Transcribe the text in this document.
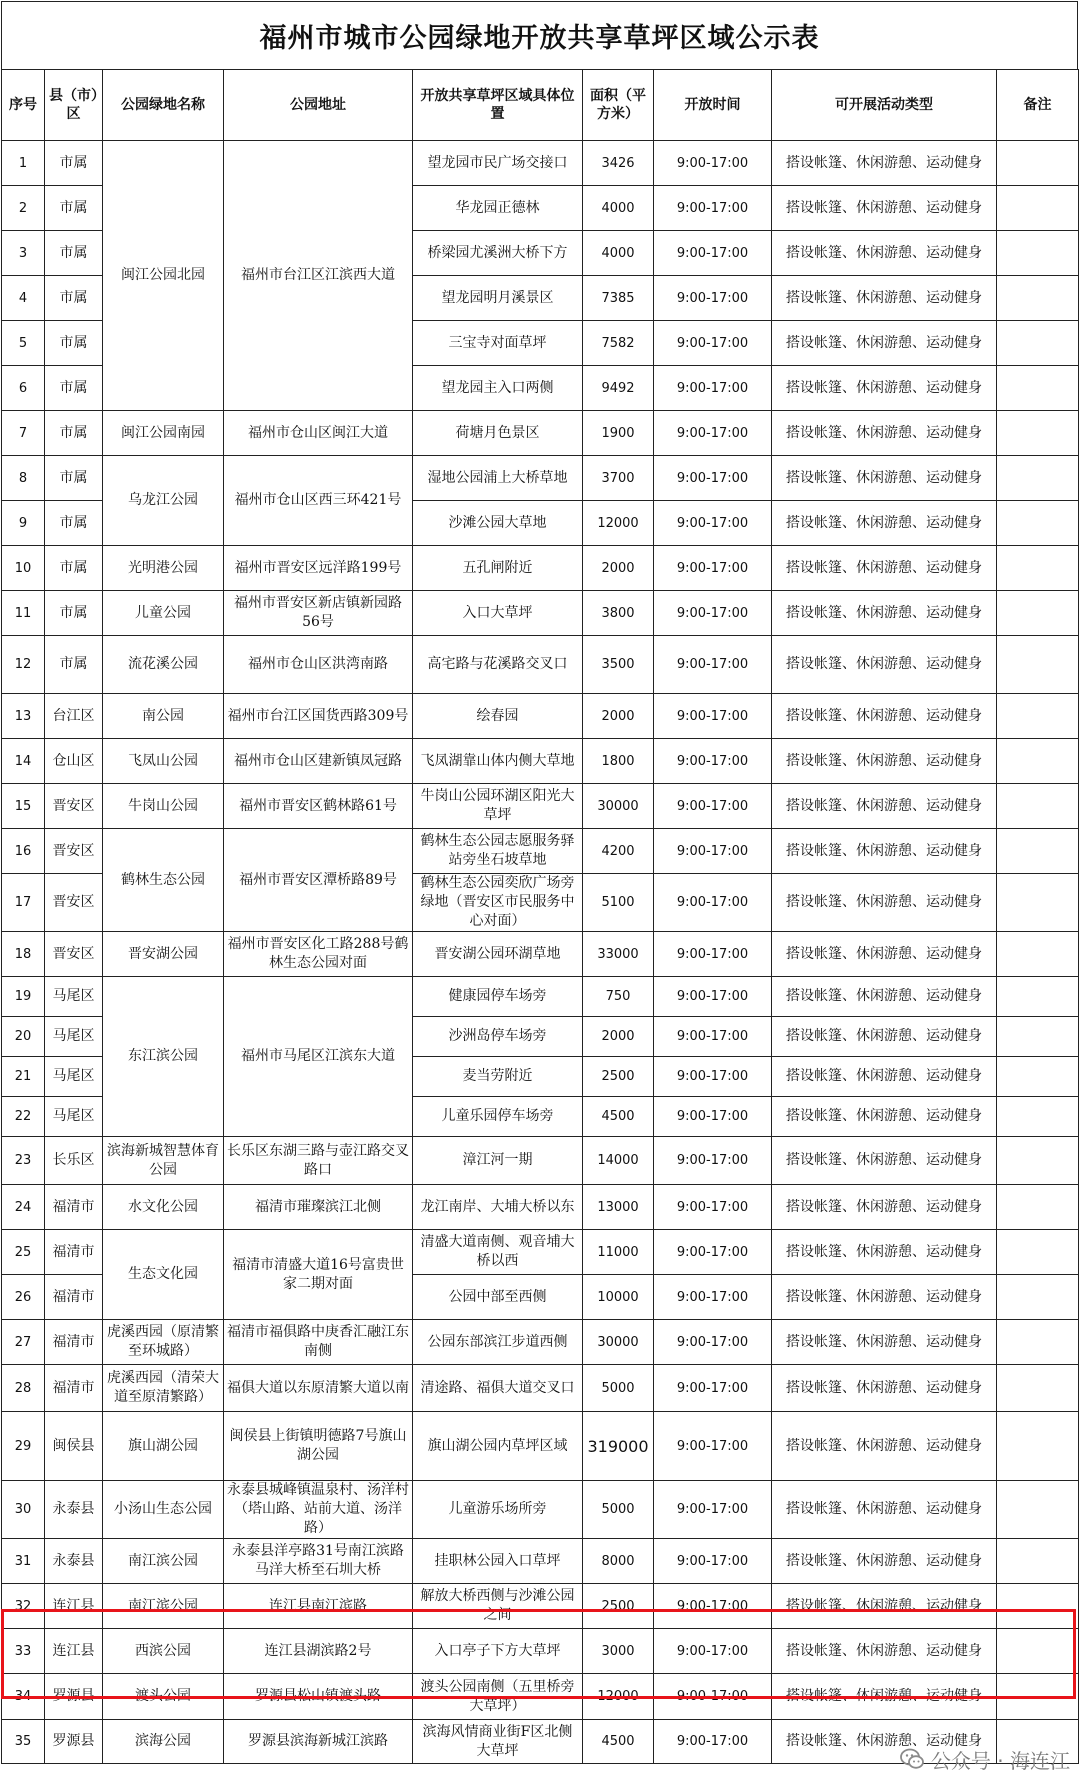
福州市城市公园绿地开放共享草坪区域公示表
序号	县（市）区	公园绿地名称	公园地址	开放共享草坪区域具体位置	面积（平方米）	开放时间	可开展活动类型	备注
1	市属	闽江公园北园	福州市台江区江滨西大道	望龙园市民广场交接口	3426	9:00-17:00	搭设帐篷、休闲游憩、运动健身	
2	市属			华龙园正德林	4000	9:00-17:00	搭设帐篷、休闲游憩、运动健身	
3	市属			桥梁园尤溪洲大桥下方	4000	9:00-17:00	搭设帐篷、休闲游憩、运动健身	
4	市属			望龙园明月溪景区	7385	9:00-17:00	搭设帐篷、休闲游憩、运动健身	
5	市属			三宝寺对面草坪	7582	9:00-17:00	搭设帐篷、休闲游憩、运动健身	
6	市属			望龙园主入口两侧	9492	9:00-17:00	搭设帐篷、休闲游憩、运动健身	
7	市属	闽江公园南园	福州市仓山区闽江大道	荷塘月色景区	1900	9:00-17:00	搭设帐篷、休闲游憩、运动健身	
8	市属	乌龙江公园	福州市仓山区西三环421号	湿地公园浦上大桥草地	3700	9:00-17:00	搭设帐篷、休闲游憩、运动健身	
9	市属			沙滩公园大草地	12000	9:00-17:00	搭设帐篷、休闲游憩、运动健身	
10	市属	光明港公园	福州市晋安区远洋路199号	五孔闸附近	2000	9:00-17:00	搭设帐篷、休闲游憩、运动健身	
11	市属	儿童公园	福州市晋安区新店镇新园路56号	入口大草坪	3800	9:00-17:00	搭设帐篷、休闲游憩、运动健身	
12	市属	流花溪公园	福州市仓山区洪湾南路	高宅路与花溪路交叉口	3500	9:00-17:00	搭设帐篷、休闲游憩、运动健身	
13	台江区	南公园	福州市台江区国货西路309号	绘春园	2000	9:00-17:00	搭设帐篷、休闲游憩、运动健身	
14	仓山区	飞凤山公园	福州市仓山区建新镇凤冠路	飞凤湖靠山体内侧大草地	1800	9:00-17:00	搭设帐篷、休闲游憩、运动健身	
15	晋安区	牛岗山公园	福州市晋安区鹤林路61号	牛岗山公园环湖区阳光大草坪	30000	9:00-17:00	搭设帐篷、休闲游憩、运动健身	
16	晋安区	鹤林生态公园	福州市晋安区潭桥路89号	鹤林生态公园志愿服务驿站旁坐石坡草地	4200	9:00-17:00	搭设帐篷、休闲游憩、运动健身	
17	晋安区			鹤林生态公园奕欣广场旁绿地（晋安区市民服务中心对面）	5100	9:00-17:00	搭设帐篷、休闲游憩、运动健身	
18	晋安区	晋安湖公园	福州市晋安区化工路288号鹤林生态公园对面	晋安湖公园环湖草地	33000	9:00-17:00	搭设帐篷、休闲游憩、运动健身	
19	马尾区	东江滨公园	福州市马尾区江滨东大道	健康园停车场旁	750	9:00-17:00	搭设帐篷、休闲游憩、运动健身	
20	马尾区			沙洲岛停车场旁	2000	9:00-17:00	搭设帐篷、休闲游憩、运动健身	
21	马尾区			麦当劳附近	2500	9:00-17:00	搭设帐篷、休闲游憩、运动健身	
22	马尾区			儿童乐园停车场旁	4500	9:00-17:00	搭设帐篷、休闲游憩、运动健身	
23	长乐区	滨海新城智慧体育公园	长乐区东湖三路与壶江路交叉路口	漳江河一期	14000	9:00-17:00	搭设帐篷、休闲游憩、运动健身	
24	福清市	水文化公园	福清市璀璨滨江北侧	龙江南岸、大埔大桥以东	13000	9:00-17:00	搭设帐篷、休闲游憩、运动健身	
25	福清市	生态文化园	福清市清盛大道16号富贵世家二期对面	清盛大道南侧、观音埔大桥以西	11000	9:00-17:00	搭设帐篷、休闲游憩、运动健身	
26	福清市			公园中部至西侧	10000	9:00-17:00	搭设帐篷、休闲游憩、运动健身	
27	福清市	虎溪西园（原清繁至环城路）	福清市福俱路中庚香汇融江东南侧	公园东部滨江步道西侧	30000	9:00-17:00	搭设帐篷、休闲游憩、运动健身	
28	福清市	虎溪西园（清荣大道至原清繁路）	福俱大道以东原清繁大道以南	清途路、福俱大道交叉口	5000	9:00-17:00	搭设帐篷、休闲游憩、运动健身	
29	闽侯县	旗山湖公园	闽侯县上街镇明德路7号旗山湖公园	旗山湖公园内草坪区域	319000	9:00-17:00	搭设帐篷、休闲游憩、运动健身	
30	永泰县	小汤山生态公园	永泰县城峰镇温泉村、汤洋村（塔山路、站前大道、汤洋路）	儿童游乐场所旁	5000	9:00-17:00	搭设帐篷、休闲游憩、运动健身	
31	永泰县	南江滨公园	永泰县洋亭路31号南江滨路马洋大桥至石圳大桥	挂职林公园入口草坪	8000	9:00-17:00	搭设帐篷、休闲游憩、运动健身	
32	连江县	南江滨公园	连江县南江滨路	解放大桥西侧与沙滩公园之间	2500	9:00-17:00	搭设帐篷、休闲游憩、运动健身	
33	连江县	西滨公园	连江县湖滨路2号	入口亭子下方大草坪	3000	9:00-17:00	搭设帐篷、休闲游憩、运动健身	
34	罗源县	渡头公园	罗源县松山镇渡头路	渡头公园南侧（五里桥旁大草坪）	12000	9:00-17:00	搭设帐篷、休闲游憩、运动健身	
35	罗源县	滨海公园	罗源县滨海新城江滨路	滨海风情商业街F区北侧大草坪	4500	9:00-17:00	搭设帐篷、休闲游憩、运动健身	
公众号 · 海连江
